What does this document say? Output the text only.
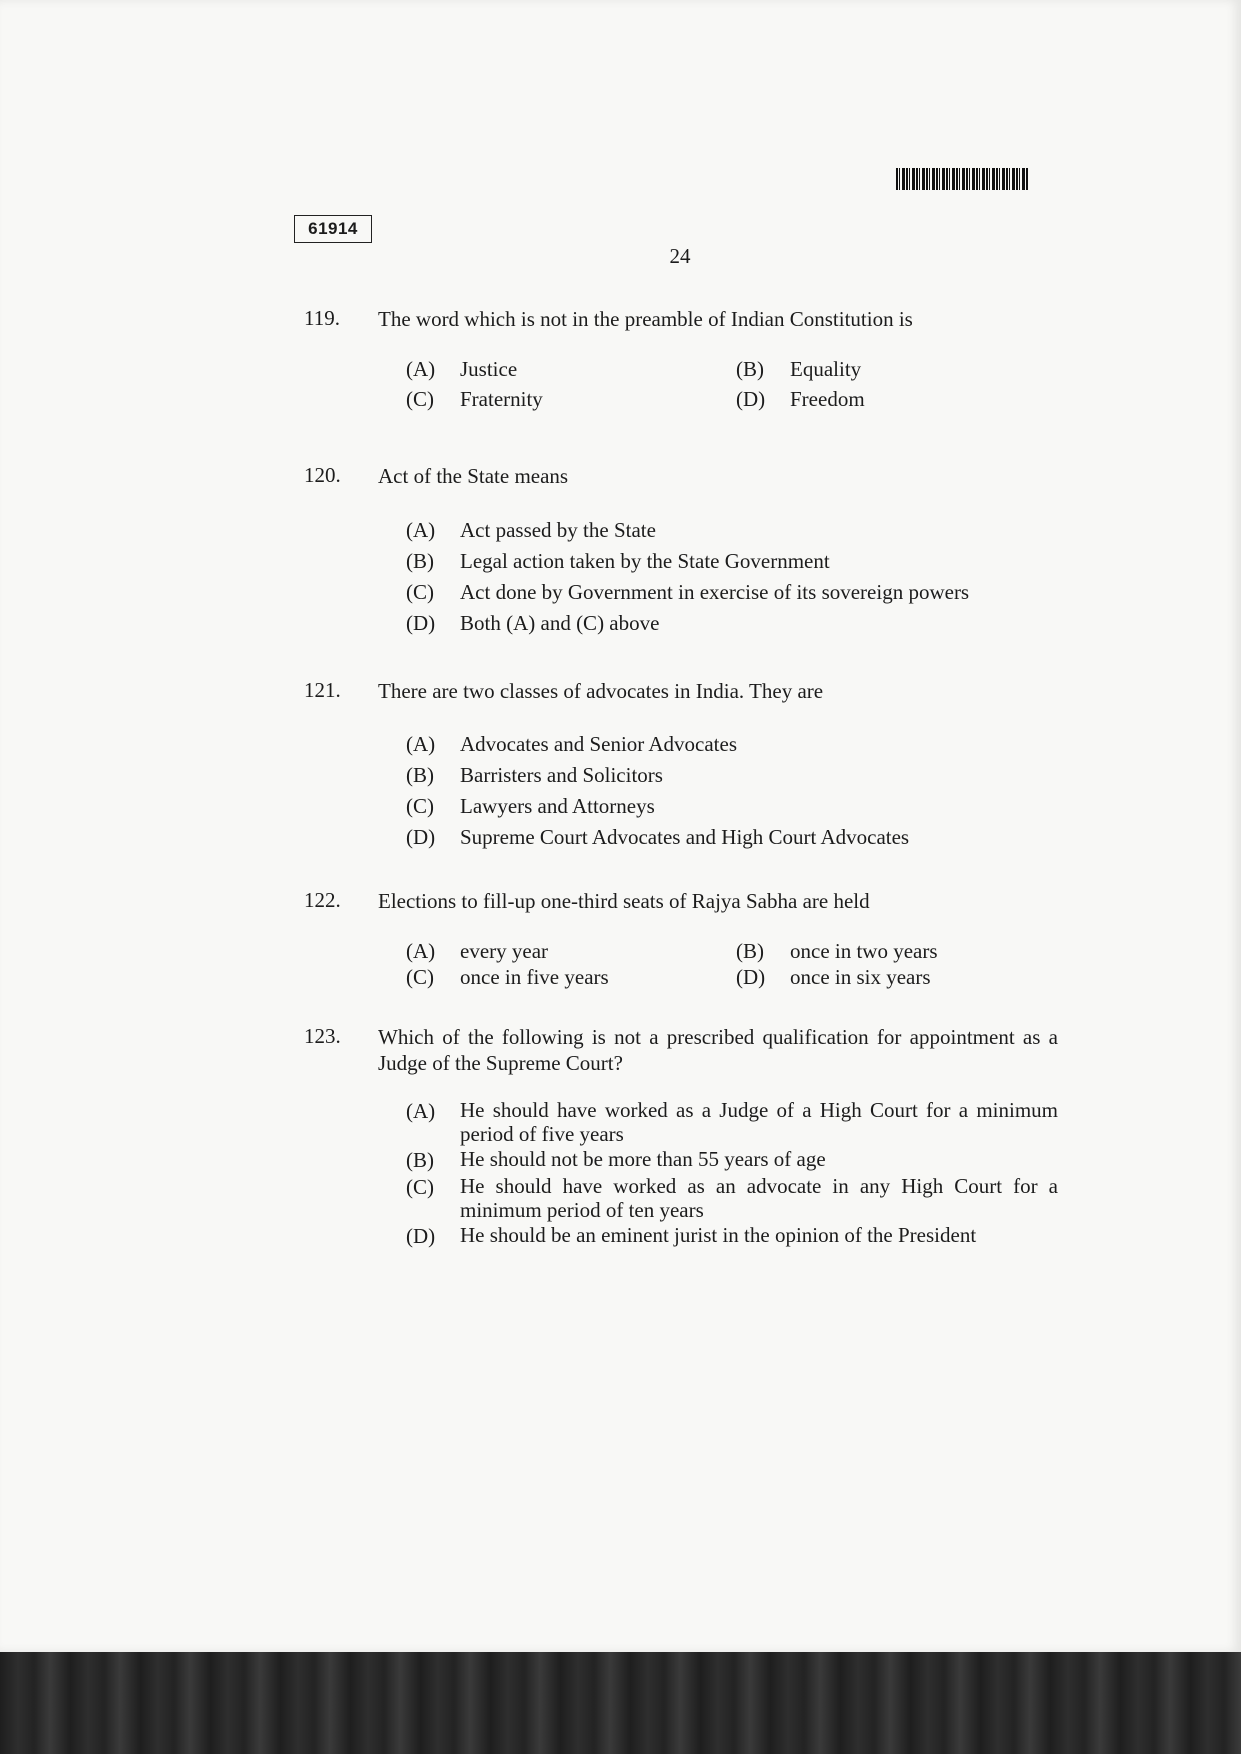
61914
24
119. The word which is not in the preamble of Indian Constitution is
(A)	Justice	(B)	Equality
(C)	Fraternity	(D)	Freedom
120. Act of the State means
(A)	Act passed by the State
(B)	Legal action taken by the State Government
(C)	Act done by Government in exercise of its sovereign powers
(D)	Both (A) and (C) above
121. There are two classes of advocates in India. They are
(A)	Advocates and Senior Advocates
(B)	Barristers and Solicitors
(C)	Lawyers and Attorneys
(D)	Supreme Court Advocates and High Court Advocates
122. Elections to fill-up one-third seats of Rajya Sabha are held
(A)	every year	(B)	once in two years
(C)	once in five years	(D)	once in six years
123. Which of the following is not a prescribed qualification for appointment as a Judge of the Supreme Court?
(A)	He should have worked as a Judge of a High Court for a minimum period of five years
(B)	He should not be more than 55 years of age
(C)	He should have worked as an advocate in any High Court for a minimum period of ten years
(D)	He should be an eminent jurist in the opinion of the President
